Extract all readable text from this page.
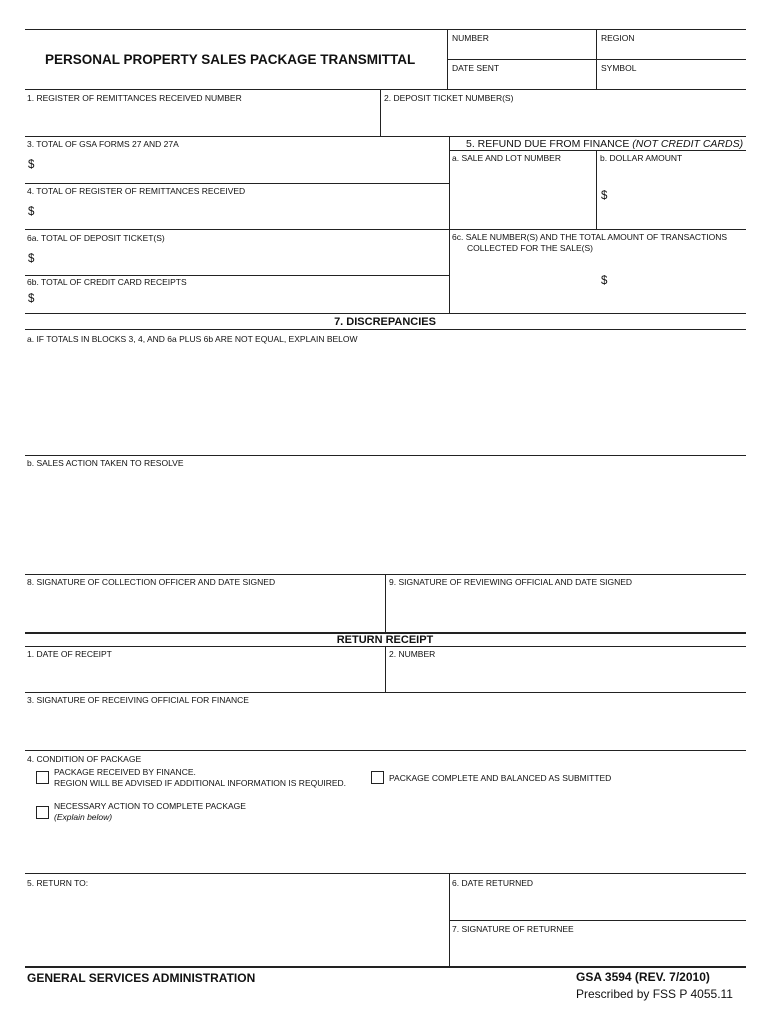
PERSONAL PROPERTY SALES PACKAGE TRANSMITTAL
NUMBER	REGION
DATE SENT	SYMBOL
1. REGISTER OF REMITTANCES RECEIVED NUMBER	2. DEPOSIT TICKET NUMBER(S)
3. TOTAL OF GSA FORMS 27 AND 27A
$
4. TOTAL OF REGISTER OF REMITTANCES RECEIVED
$
6a. TOTAL OF DEPOSIT TICKET(S)
$
6b. TOTAL OF CREDIT CARD RECEIPTS
$
5. REFUND DUE FROM FINANCE (NOT CREDIT CARDS)
a. SALE AND LOT NUMBER	b. DOLLAR AMOUNT
$
6c. SALE NUMBER(S) AND THE TOTAL AMOUNT OF TRANSACTIONS
COLLECTED FOR THE SALE(S)
$
7. DISCREPANCIES
a. IF TOTALS IN BLOCKS 3, 4, AND 6a PLUS 6b ARE NOT EQUAL, EXPLAIN BELOW
b. SALES ACTION TAKEN TO RESOLVE
8. SIGNATURE OF COLLECTION OFFICER AND DATE SIGNED	9. SIGNATURE OF REVIEWING OFFICIAL AND DATE SIGNED
RETURN RECEIPT
1. DATE OF RECEIPT	2. NUMBER
3. SIGNATURE OF RECEIVING OFFICIAL FOR FINANCE
4. CONDITION OF PACKAGE
PACKAGE RECEIVED BY FINANCE.
REGION WILL BE ADVISED IF ADDITIONAL INFORMATION IS REQUIRED.	PACKAGE COMPLETE AND BALANCED AS SUBMITTED
NECESSARY ACTION TO COMPLETE PACKAGE
(Explain below)
5. RETURN TO:	6. DATE RETURNED
7. SIGNATURE OF RETURNEE
GENERAL SERVICES ADMINISTRATION	GSA 3594 (REV. 7/2010)
Prescribed by FSS P 4055.11
